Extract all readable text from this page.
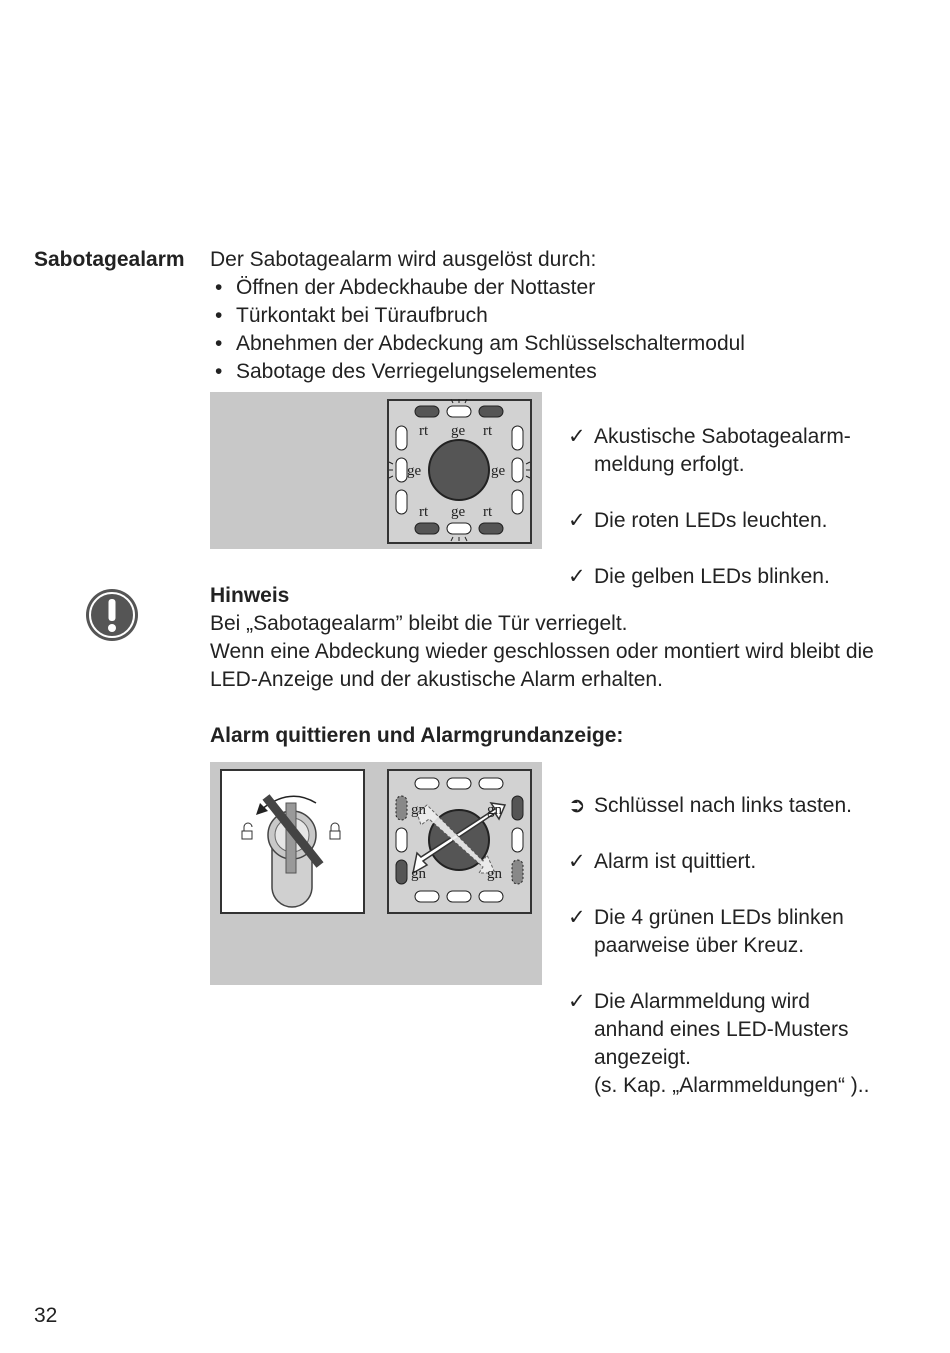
Sabotagealarm Der Sabotagealarm wird ausgelöst durch:
• Öffnen der Abdeckhaube der Nottaster
• Türkontakt bei Türaufbruch
• Abnehmen der Abdeckung am Schlüsselschaltermodul
• Sabotage des Verriegelungselementes
rt ge rt
ge	ge
rt ge rt

✓ Akustische Sabotagealarm-
meldung erfolgt.

✓ Die roten LEDs leuchten.

✓ Die gelben LEDs blinken.

Hinweis
Bei „Sabotagealarm” bleibt die Tür verriegelt.
Wenn eine Abdeckung wieder geschlossen oder montiert wird bleibt die
LED-Anzeige und der akustische Alarm erhalten.
Alarm quittieren und Alarmgrundanzeige:
gn	gn
gn	gn

➲ Schlüssel nach links tasten.

✓ Alarm ist quittiert.

✓ Die 4 grünen LEDs blinken
paarweise über Kreuz.

✓ Die Alarmmeldung wird
anhand eines LED-Musters
angezeigt.
(s. Kap. „Alarmmeldungen“ )..

32
